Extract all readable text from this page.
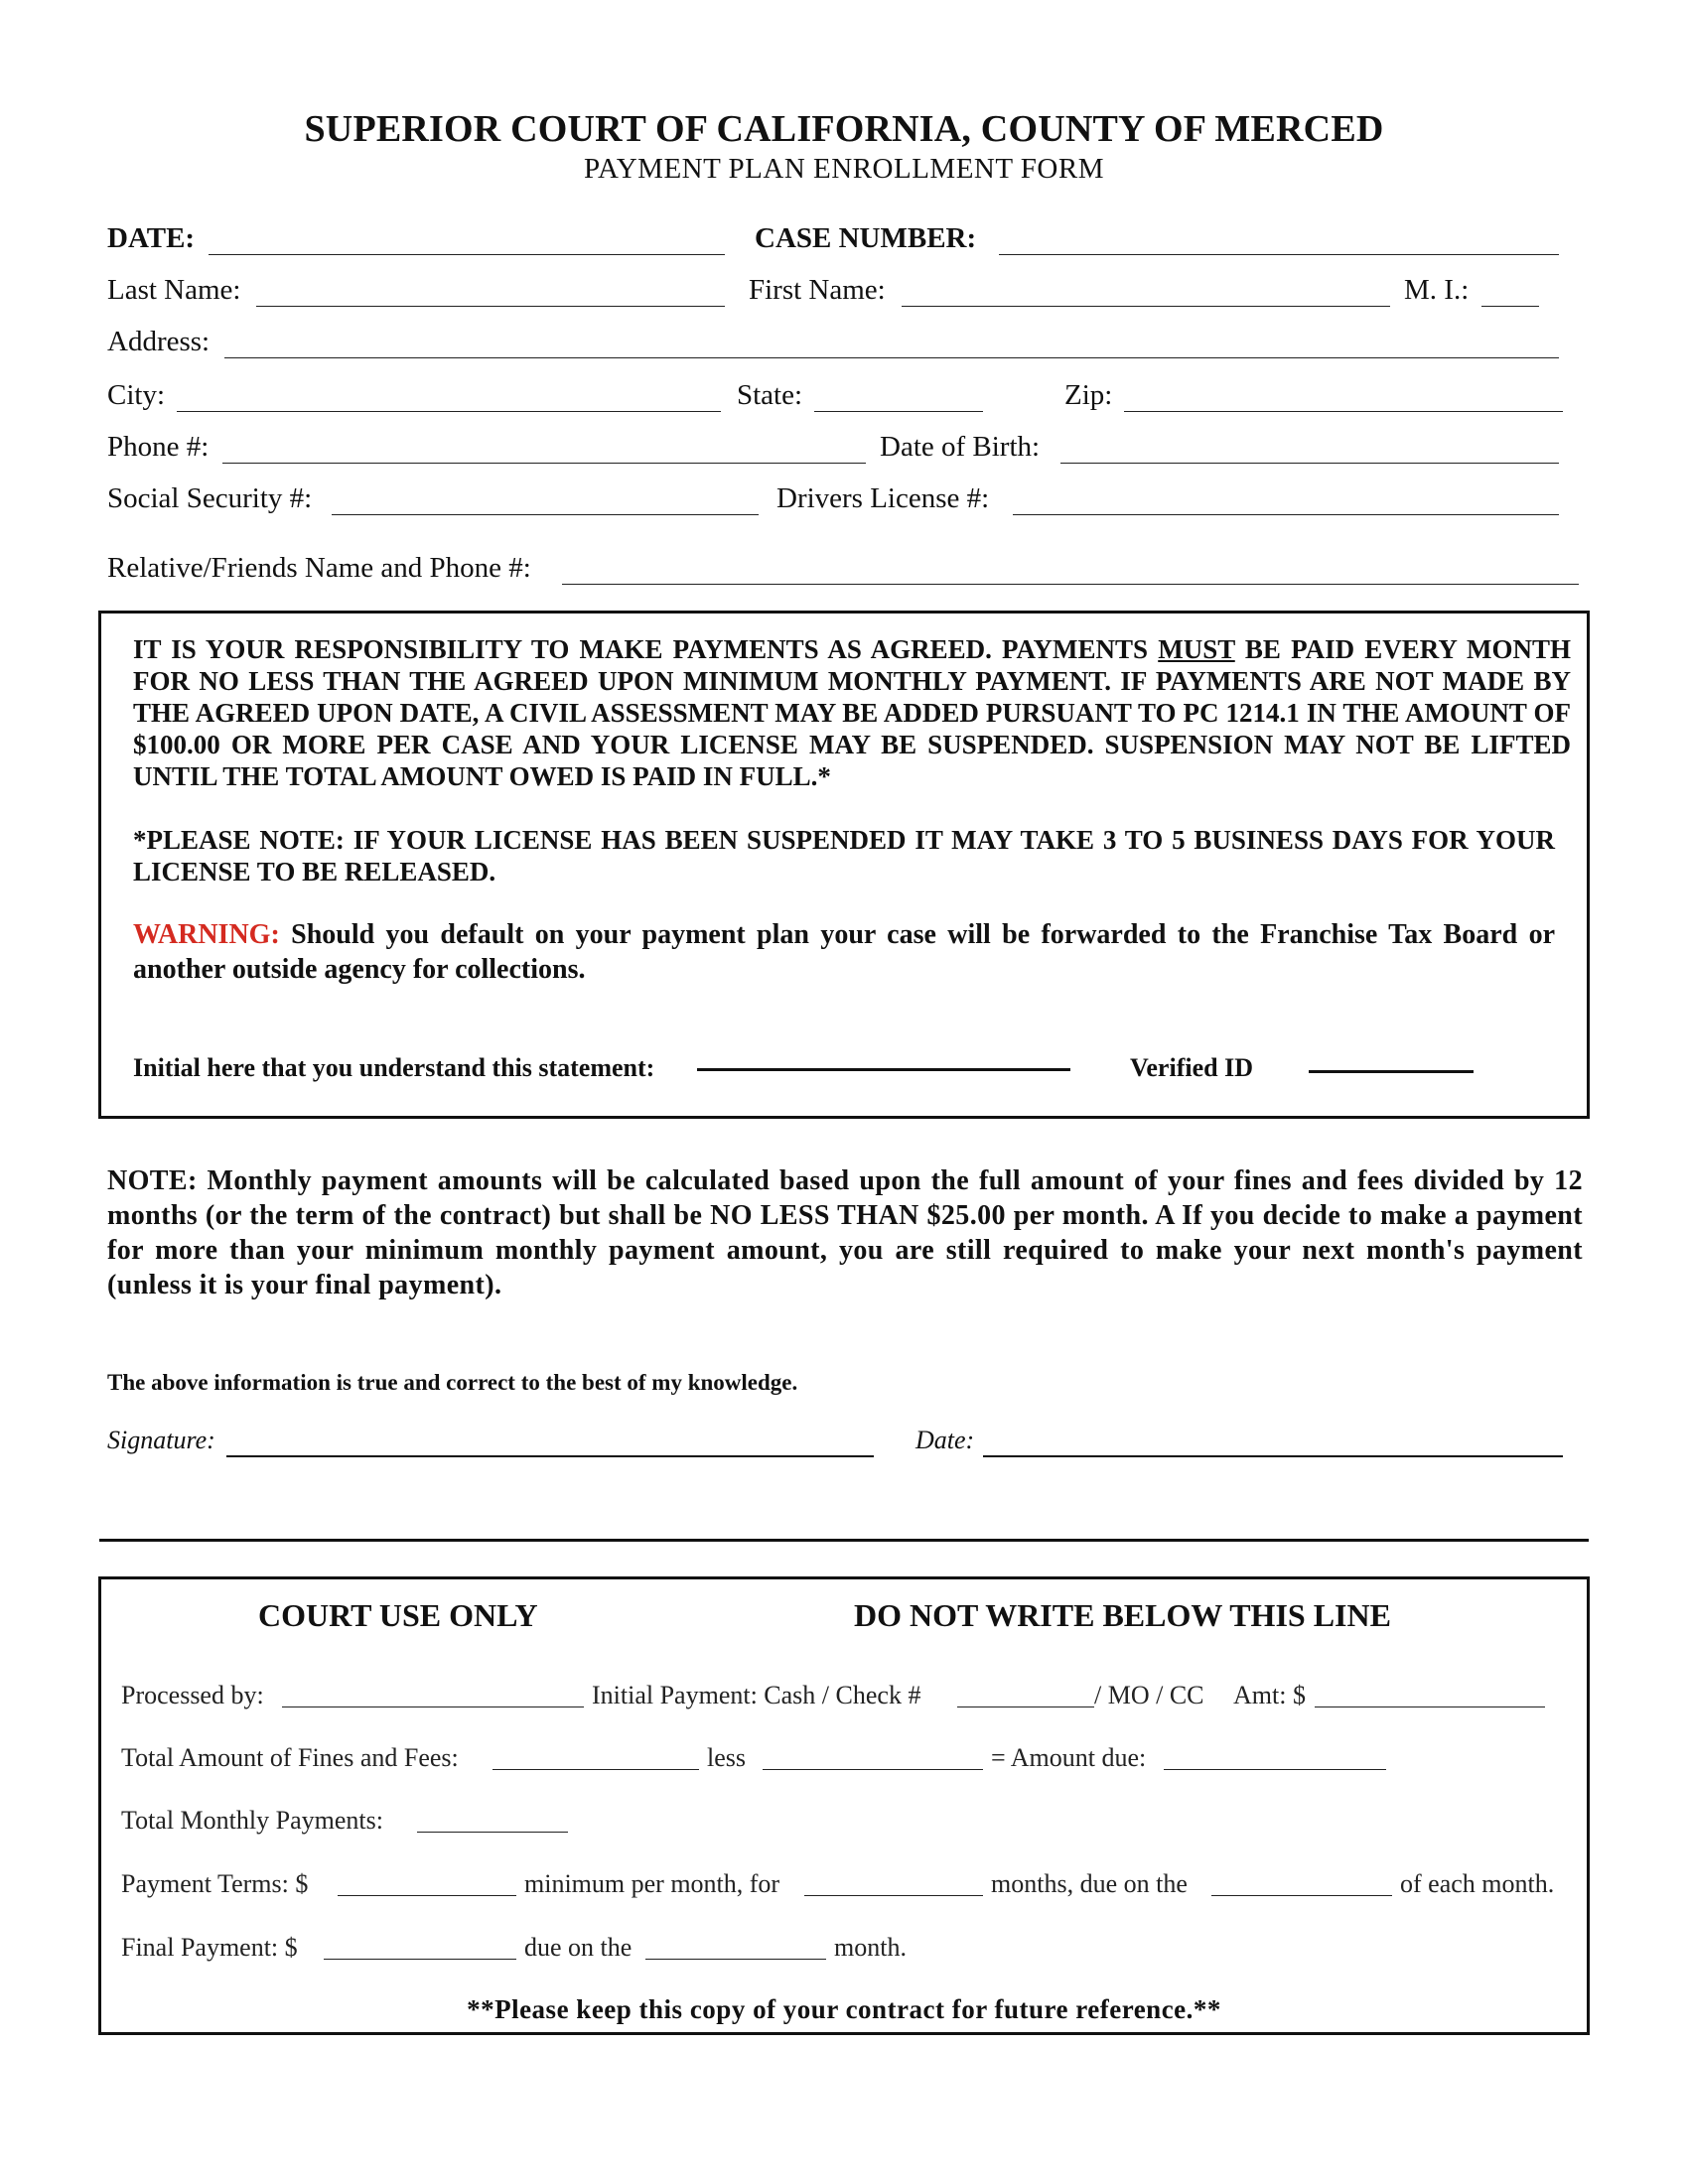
SUPERIOR COURT OF CALIFORNIA, COUNTY OF MERCED
PAYMENT PLAN ENROLLMENT FORM
DATE:	CASE NUMBER:
Last Name:	First Name:	M. I.:
Address:
City:	State:	Zip:
Phone #:	Date of Birth:
Social Security #:	Drivers License #:
Relative/Friends Name and Phone #:
IT IS YOUR RESPONSIBILITY TO MAKE PAYMENTS AS AGREED. PAYMENTS MUST BE PAID EVERY MONTH FOR NO LESS THAN THE AGREED UPON MINIMUM MONTHLY PAYMENT. IF PAYMENTS ARE NOT MADE BY THE AGREED UPON DATE, A CIVIL ASSESSMENT MAY BE ADDED PURSUANT TO PC 1214.1 IN THE AMOUNT OF $100.00 OR MORE PER CASE AND YOUR LICENSE MAY BE SUSPENDED. SUSPENSION MAY NOT BE LIFTED UNTIL THE TOTAL AMOUNT OWED IS PAID IN FULL.*
*PLEASE NOTE: IF YOUR LICENSE HAS BEEN SUSPENDED IT MAY TAKE 3 TO 5 BUSINESS DAYS FOR YOUR LICENSE TO BE RELEASED.
WARNING: Should you default on your payment plan your case will be forwarded to the Franchise Tax Board or another outside agency for collections.
Initial here that you understand this statement:	Verified ID
NOTE: Monthly payment amounts will be calculated based upon the full amount of your fines and fees divided by 12 months (or the term of the contract) but shall be NO LESS THAN $25.00 per month. A If you decide to make a payment for more than your minimum monthly payment amount, you are still required to make your next month's payment (unless it is your final payment).
The above information is true and correct to the best of my knowledge.
Signature:	Date:
COURT USE ONLY	DO NOT WRITE BELOW THIS LINE
Processed by:	Initial Payment: Cash / Check #	/ MO / CC Amt: $
Total Amount of Fines and Fees:	less	= Amount due:
Total Monthly Payments:
Payment Terms: $	minimum per month, for	months, due on the	of each month.
Final Payment: $	due on the	month.
**Please keep this copy of your contract for future reference.**
